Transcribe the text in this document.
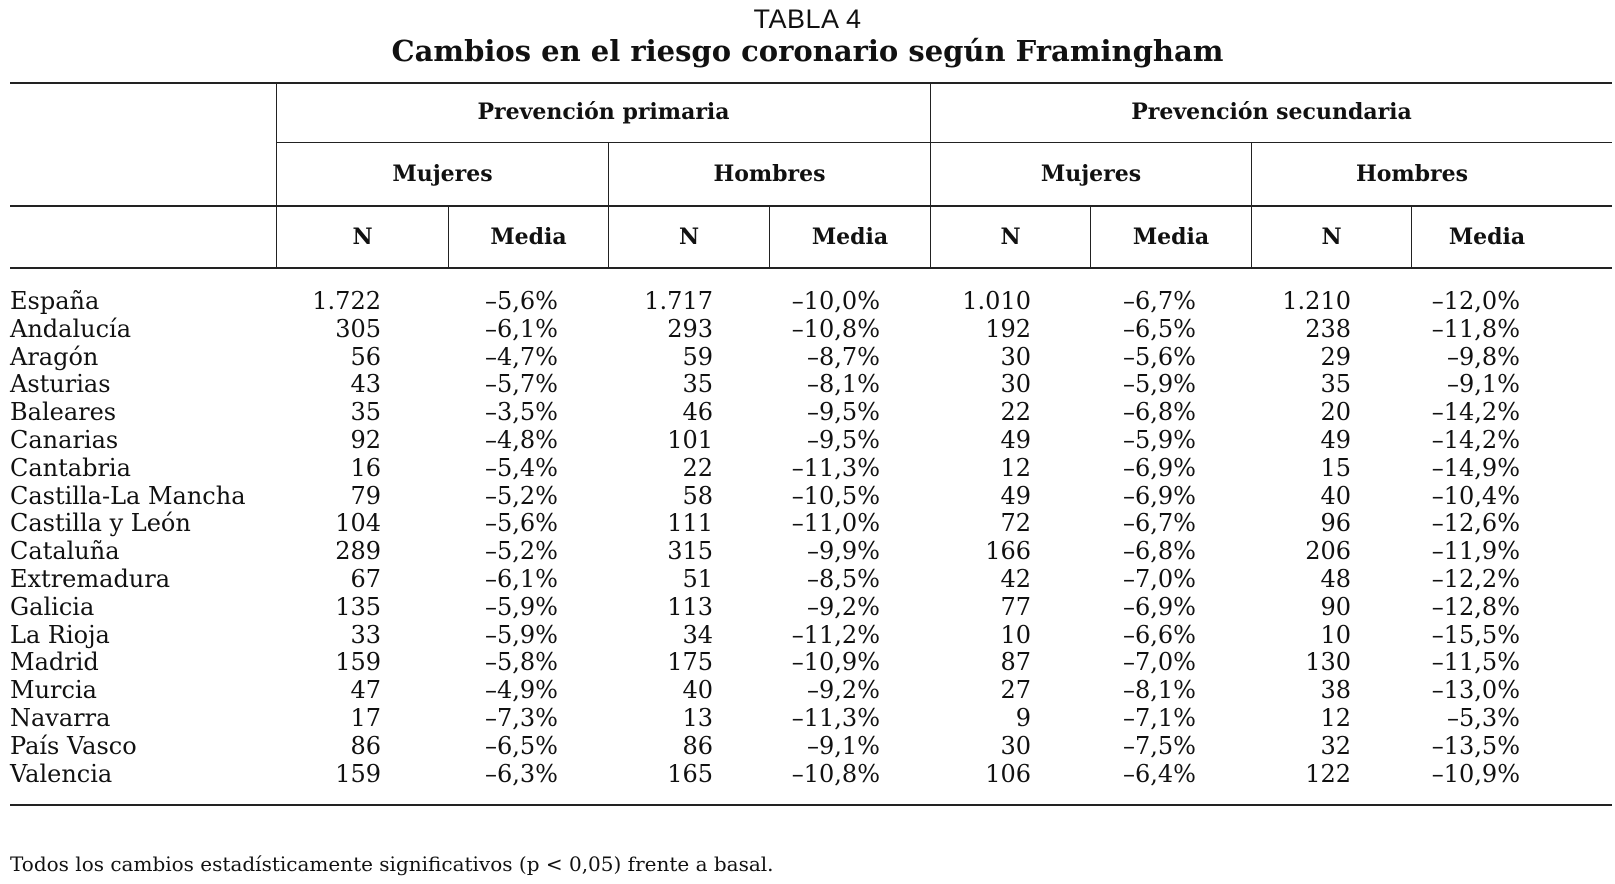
TABLA 4
Cambios en el riesgo coronario según Framingham
Prevención primaria	Prevención secundaria
Mujeres	Hombres	Mujeres	Hombres
N	Media	N	Media	N	Media	N	Media
España	1.722	–5,6%	1.717	–10,0%	1.010	–6,7%	1.210	–12,0%
Andalucía	305	–6,1%	293	–10,8%	192	–6,5%	238	–11,8%
Aragón	56	–4,7%	59	–8,7%	30	–5,6%	29	–9,8%
Asturias	43	–5,7%	35	–8,1%	30	–5,9%	35	–9,1%
Baleares	35	–3,5%	46	–9,5%	22	–6,8%	20	–14,2%
Canarias	92	–4,8%	101	–9,5%	49	–5,9%	49	–14,2%
Cantabria	16	–5,4%	22	–11,3%	12	–6,9%	15	–14,9%
Castilla-La Mancha	79	–5,2%	58	–10,5%	49	–6,9%	40	–10,4%
Castilla y León	104	–5,6%	111	–11,0%	72	–6,7%	96	–12,6%
Cataluña	289	–5,2%	315	–9,9%	166	–6,8%	206	–11,9%
Extremadura	67	–6,1%	51	–8,5%	42	–7,0%	48	–12,2%
Galicia	135	–5,9%	113	–9,2%	77	–6,9%	90	–12,8%
La Rioja	33	–5,9%	34	–11,2%	10	–6,6%	10	–15,5%
Madrid	159	–5,8%	175	–10,9%	87	–7,0%	130	–11,5%
Murcia	47	–4,9%	40	–9,2%	27	–8,1%	38	–13,0%
Navarra	17	–7,3%	13	–11,3%	9	–7,1%	12	–5,3%
País Vasco	86	–6,5%	86	–9,1%	30	–7,5%	32	–13,5%
Valencia	159	–6,3%	165	–10,8%	106	–6,4%	122	–10,9%
Todos los cambios estadísticamente significativos (p < 0,05) frente a basal.
